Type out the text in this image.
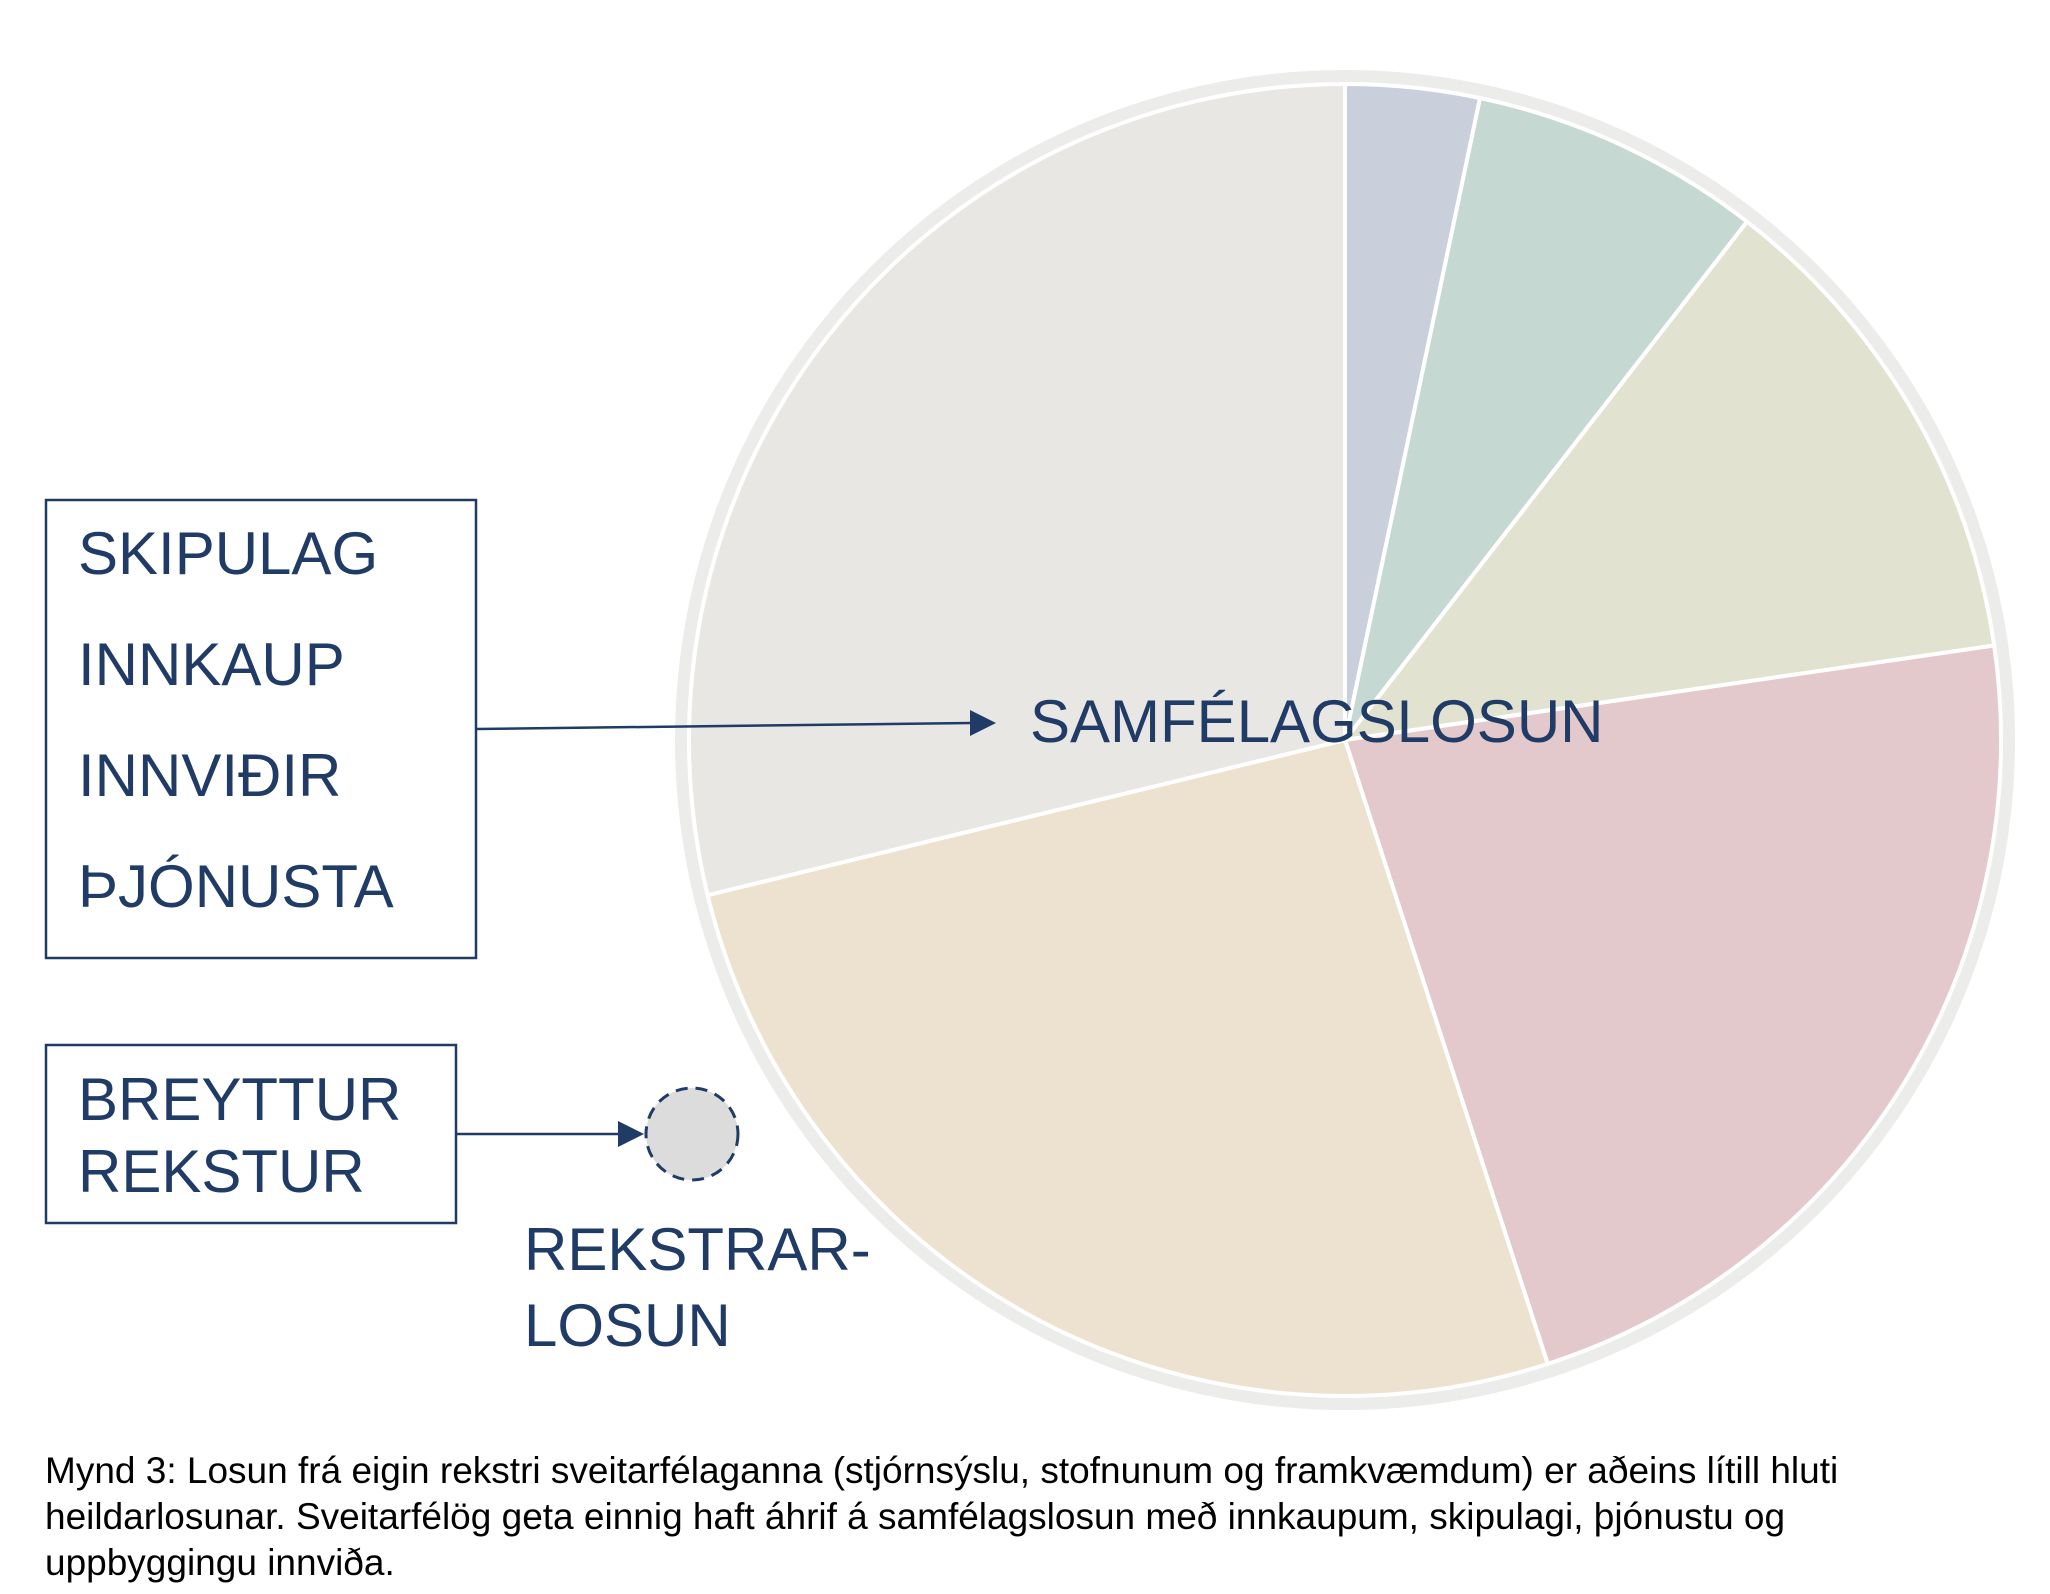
SKIPULAG
INNKAUP
INNVIÐIR
ÞJÓNUSTA
SAMFÉLAGSLOSUN
BREYTTUR
REKSTUR
REKSTRAR-
LOSUN
Mynd 3: Losun frá eigin rekstri sveitarfélaganna (stjórnsýslu, stofnunum og framkvæmdum) er aðeins lítill hluti heildarlosunar. Sveitarfélög geta einnig haft áhrif á samfélagslosun með innkaupum, skipulagi, þjónustu og uppbyggingu innviða.
